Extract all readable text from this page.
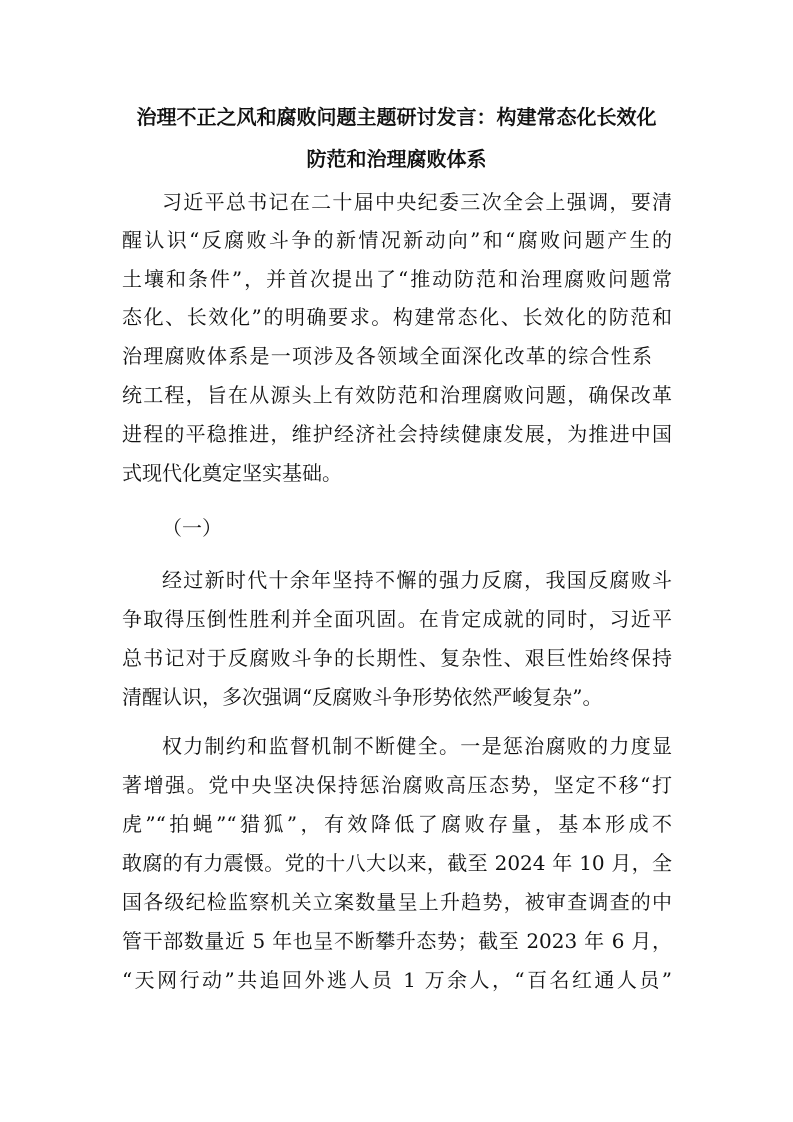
治理不正之风和腐败问题主题研讨发言：构建常态化长效化
防范和治理腐败体系
习近平总书记在二十届中央纪委三次全会上强调，要清
醒认识“反腐败斗争的新情况新动向”和“腐败问题产生的
土壤和条件”，并首次提出了“推动防范和治理腐败问题常
态化、长效化”的明确要求。构建常态化、长效化的防范和
治理腐败体系是一项涉及各领域全面深化改革的综合性系
统工程，旨在从源头上有效防范和治理腐败问题，确保改革
进程的平稳推进，维护经济社会持续健康发展，为推进中国
式现代化奠定坚实基础。
（一）
经过新时代十余年坚持不懈的强力反腐，我国反腐败斗
争取得压倒性胜利并全面巩固。在肯定成就的同时，习近平
总书记对于反腐败斗争的长期性、复杂性、艰巨性始终保持
清醒认识，多次强调“反腐败斗争形势依然严峻复杂”。
权力制约和监督机制不断健全。一是惩治腐败的力度显
著增强。党中央坚决保持惩治腐败高压态势，坚定不移“打
虎”“拍蝇”“猎狐”，有效降低了腐败存量，基本形成不
敢腐的有力震慑。党的十八大以来，截至 2024 年 10 月，全
国各级纪检监察机关立案数量呈上升趋势，被审查调查的中
管干部数量近 5 年也呈不断攀升态势；截至 2023 年 6 月，
“天网行动”共追回外逃人员 1 万余人，“百名红通人员”
